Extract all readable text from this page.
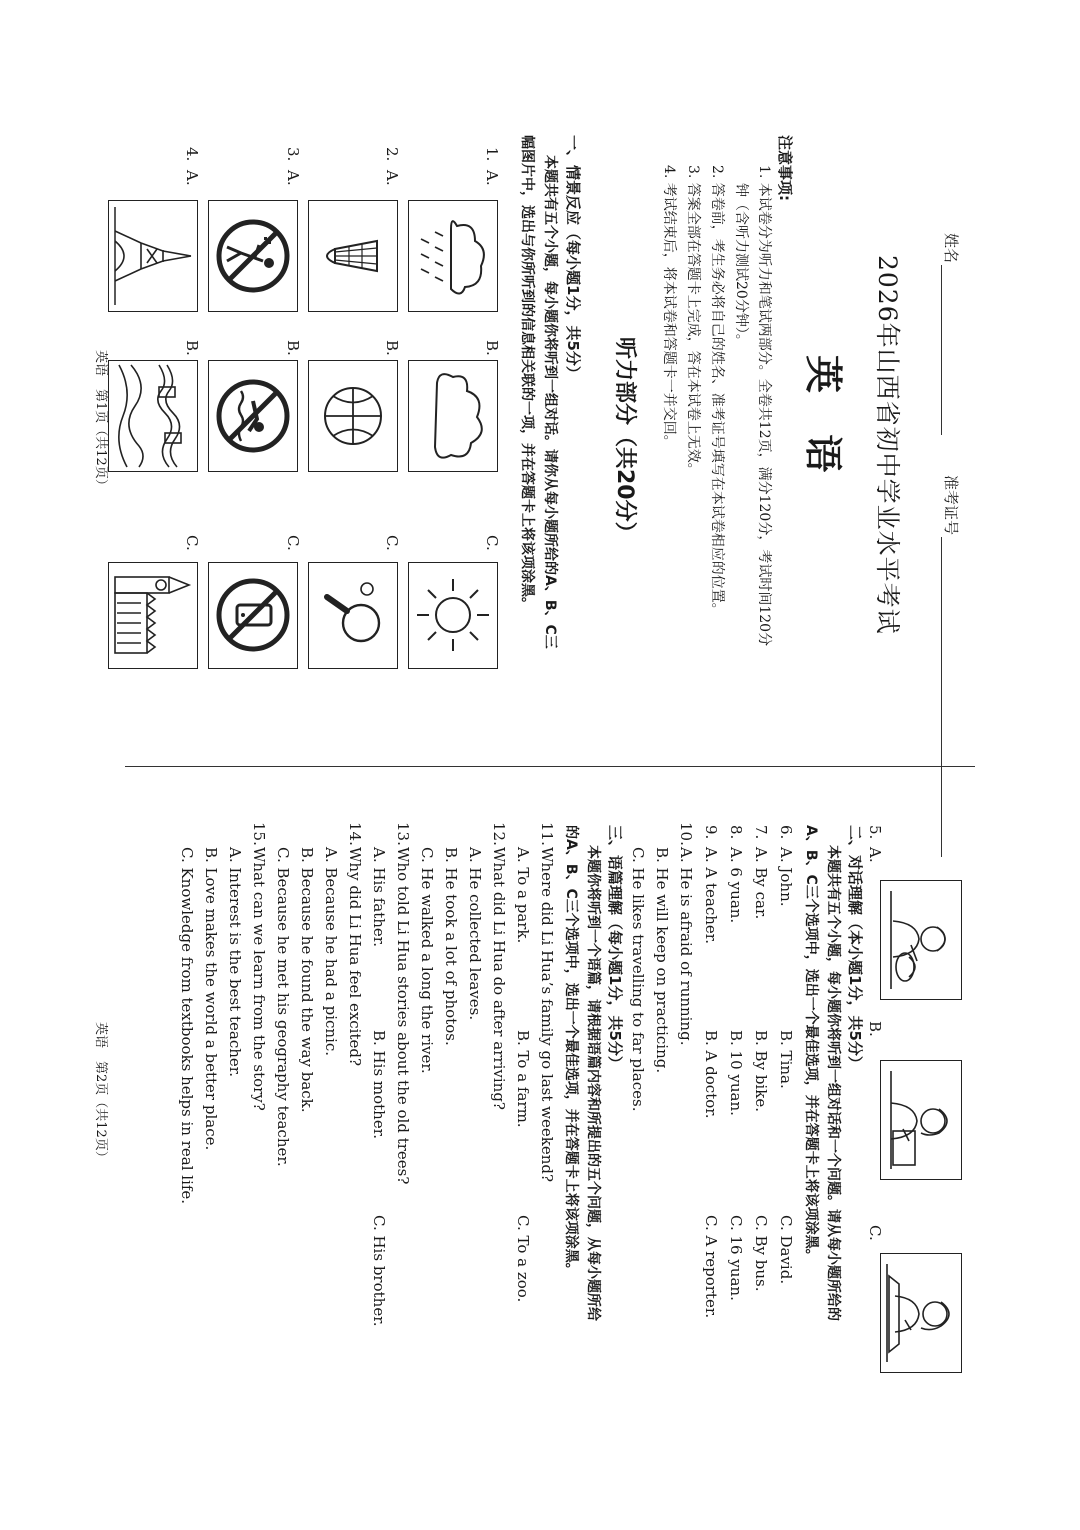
姓名
准考证号
2026年山西省初中学业水平考试
英 语
注意事项:
1. 本试卷分为听力和笔试两部分。全卷共12页，满分120分，考试时间120分
钟（含听力测试20分钟）。
2. 答卷前，考生务必将自己的姓名、准考证号填写在本试卷相应的位置。
3. 答案全部在答题卡上完成，答在本试卷上无效。
4. 考试结束后，将本试卷和答题卡一并交回。
听力部分（共20分）
一、情景反应（每小题1分，共5分）
本题共有五个小题，每小题你将听到一组对话。请你从每小题所给的A、B、C三
幅图片中，选出与你所听到的信息相关联的一项，并在答题卡上将该项涂黑。
1.
A.
B.
C.
2.
A.
B.
C.
3.
A.
B.
C.
4.
A.
B.
C.
英语　第1页（共12页）
5.
A.
B.
C.
二、对话理解（本小题1分，共5分）
本题共有五个小题，每小题你将听到一组对话和一个问题。请从每小题所给的
A、B、C三个选项中，选出一个最佳选项，并在答题卡上将该项涂黑。
6.
A. John.
B. Tina.
C. David.
7.
A. By car.
B. By bike.
C. By bus.
8.
A. 6 yuan.
B. 10 yuan.
C. 16 yuan.
9.
A. A teacher.
B. A doctor.
C. A reporter.
10.
A. He is afraid of running.
B. He will keep on practicing.
C. He likes travelling to far places.
三、语篇理解（每小题1分，共5分）
本题你将听到一个语篇，请根据语篇内容和所提出的五个问题，从每小题所给
的A、B、C三个选项中，选出一个最佳选项，并在答题卡上将该项涂黑。
11.
Where did Li Hua’s family go last weekend?
A. To a park.
B. To a farm.
C. To a zoo.
12.
What did Li Hua do after arriving?
A. He collected leaves.
B. He took a lot of photos.
C. He walked a long the river.
13.
Who told Li Hua stories about the old trees?
A. His father.
B. His mother.
C. His brother.
14.
Why did Li Hua feel excited?
A. Because he had a picnic.
B. Because he found the way back.
C. Because he met his geography teacher.
15.
What can we learn from the story?
A. Interest is the best teacher.
B. Love makes the world a better place.
C. Knowledge from textbooks helps in real life.
英语　第2页（共12页）
